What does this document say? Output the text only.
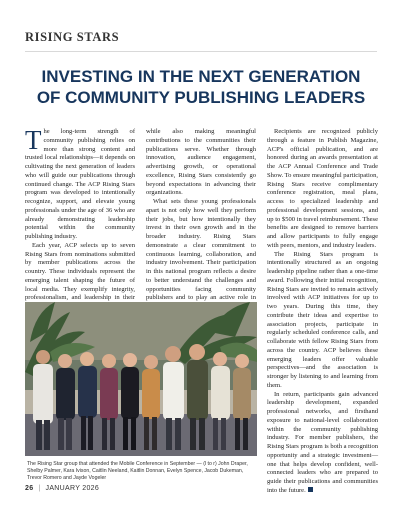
RISING STARS
INVESTING IN THE NEXT GENERATION
OF COMMUNITY PUBLISHING LEADERS

The long-term strength of community publishing relies on more than strong content and trusted local relationships—it depends on cultivating the next generation of leaders who will guide our publications through continued change. The ACP Rising Stars program was developed to intentionally recognize, support, and elevate young professionals under the age of 36 who are already demonstrating leadership potential within the community publishing industry.

Each year, ACP selects up to seven Rising Stars from nominations submitted by member publications across the country. These individuals represent the emerging talent shaping the future of local media. They exemplify integrity, professionalism, and leadership in their

while also making meaningful contributions to the communities their publications serve. Whether through innovation, audience engagement, advertising growth, or operational excellence, Rising Stars consistently go beyond expectations in advancing their organizations.

What sets these young professionals apart is not only how well they perform their jobs, but how intentionally they invest in their own growth and in the broader industry. Rising Stars demonstrate a clear commitment to continuous learning, collaboration, and industry involvement. Their participation in this national program reflects a desire to better understand the challenges and opportunities facing community publishers and to play an active role in

Recipients are recognized publicly through a feature in Publish Magazine, ACP's official publication, and are honored during an awards presentation at the ACP Annual Conference and Trade Show. To ensure meaningful participation, Rising Stars receive complimentary conference registration, meal plans, access to specialized leadership and professional development sessions, and up to $500 in travel reimbursement. These benefits are designed to remove barriers and allow participants to fully engage with peers, mentors, and industry leaders.

The Rising Stars program is intentionally structured as an ongoing leadership pipeline rather than a one-time award. Following their initial recognition, Rising Stars are invited to remain actively involved with ACP initiatives for up to two years. During this time, they contribute their ideas and expertise to association projects, participate in regularly scheduled conference calls, and collaborate with fellow Rising Stars from across the country. ACP believes these emerging leaders offer valuable perspectives—and the association is stronger by listening to and learning from them.

In return, participants gain advanced leadership development, expanded professional networks, and firsthand exposure to national-level collaboration within the community publishing industry. For member publishers, the Rising Stars program is both a recognition opportunity and a strategic investment—one that helps develop confident, well-connected leaders who are prepared to guide their publications and communities into the future.

The Rising Star group that attended the Mobile Conference in September — (l to r) John Draper, Shelby Palmer, Kara Ivison, Caitlin Neeland, Kaitlin Donnan, Evelyn Spence, Jacob Dukeman, Trevor Romero and Jayde Vogeler
26 | JANUARY 2026
